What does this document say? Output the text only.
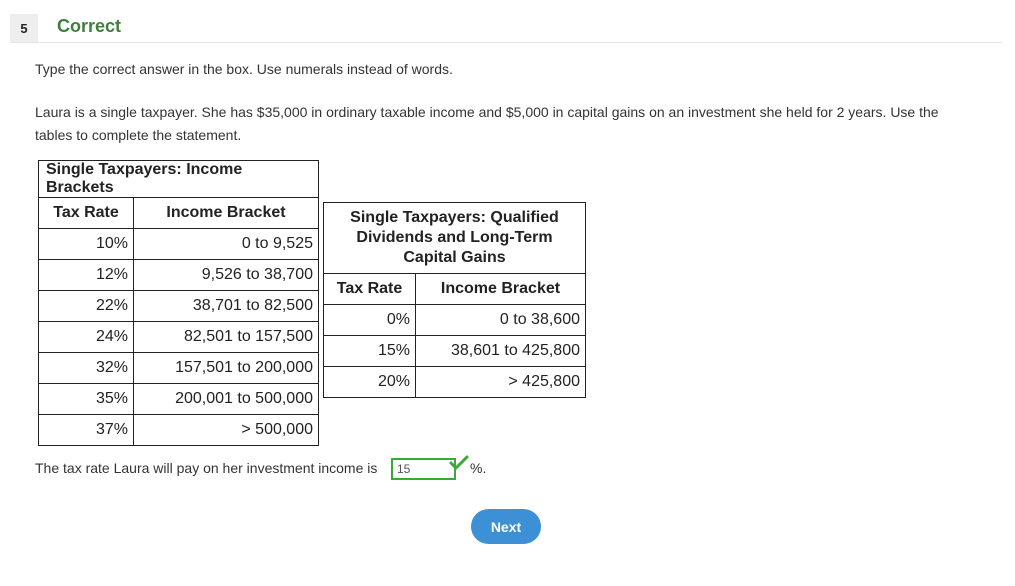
5	Correct
Type the correct answer in the box. Use numerals instead of words.
Laura is a single taxpayer. She has $35,000 in ordinary taxable income and $5,000 in capital gains on an investment she held for 2 years. Use the tables to complete the statement.
Single Taxpayers: Income Brackets	
Tax Rate	Income Bracket
10%	0 to 9,525
12%	9,526 to 38,700
22%	38,701 to 82,500
24%	82,501 to 157,500
32%	157,501 to 200,000
35%	200,001 to 500,000
37%	> 500,000
Single Taxpayers: Qualified Dividends and Long-Term Capital Gains	
Tax Rate	Income Bracket
0%	0 to 38,600
15%	38,601 to 425,800
20%	> 425,800
The tax rate Laura will pay on her investment income is
15	%.
Next
